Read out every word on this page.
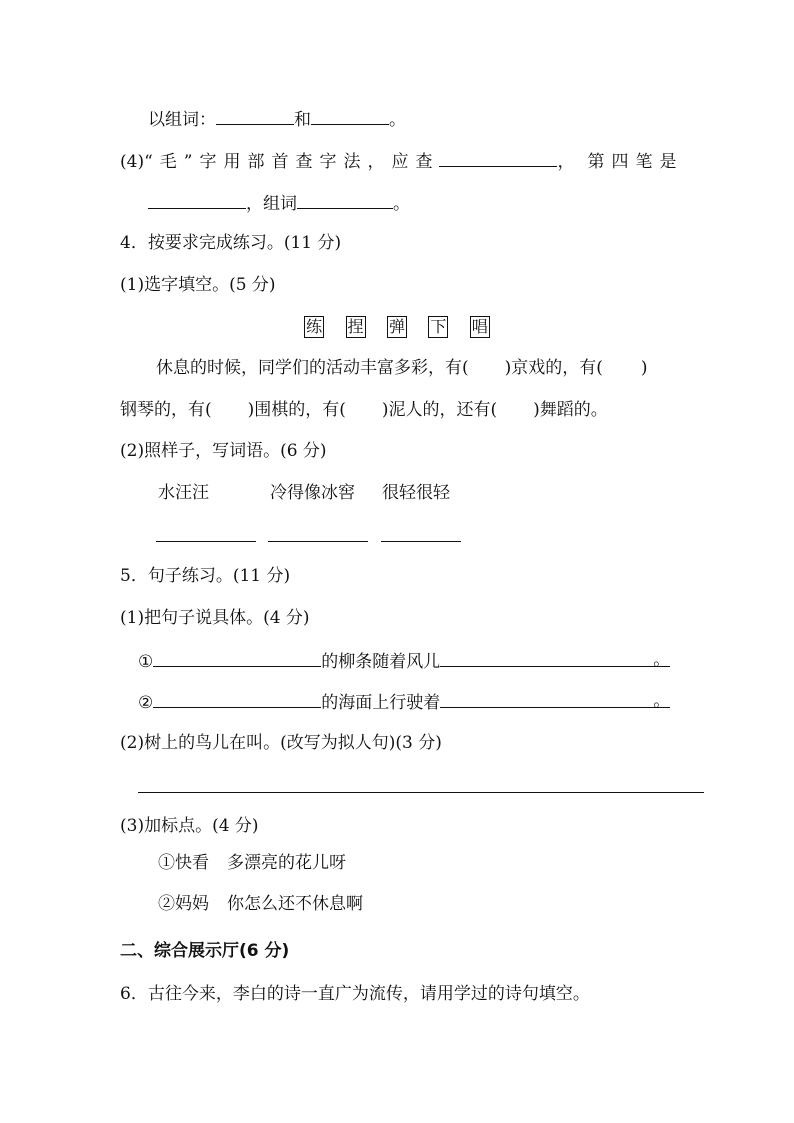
以组词：	和	。
(4)“毛”字用部首查字法，应查	， 第四笔是
，组词	。
4．按要求完成练习。(11 分)
(1)选字填空。(5 分)
练 捏 弹 下 唱
休息的时候，同学们的活动丰富多彩，有( )京戏的，有( )
钢琴的，有( )围棋的，有( )泥人的，还有( )舞蹈的。
(2)照样子，写词语。(6 分)
水汪汪	冷得像冰窖 很轻很轻
5．句子练习。(11 分)
(1)把句子说具体。(4 分)
①	的柳条随着风儿	。
②	的海面上行驶着	。
(2)树上的鸟儿在叫。(改写为拟人句)(3 分)
(3)加标点。(4 分)
①快看 多漂亮的花儿呀
②妈妈 你怎么还不休息啊
二、综合展示厅(6 分)
6．古往今来，李白的诗一直广为流传，请用学过的诗句填空。
